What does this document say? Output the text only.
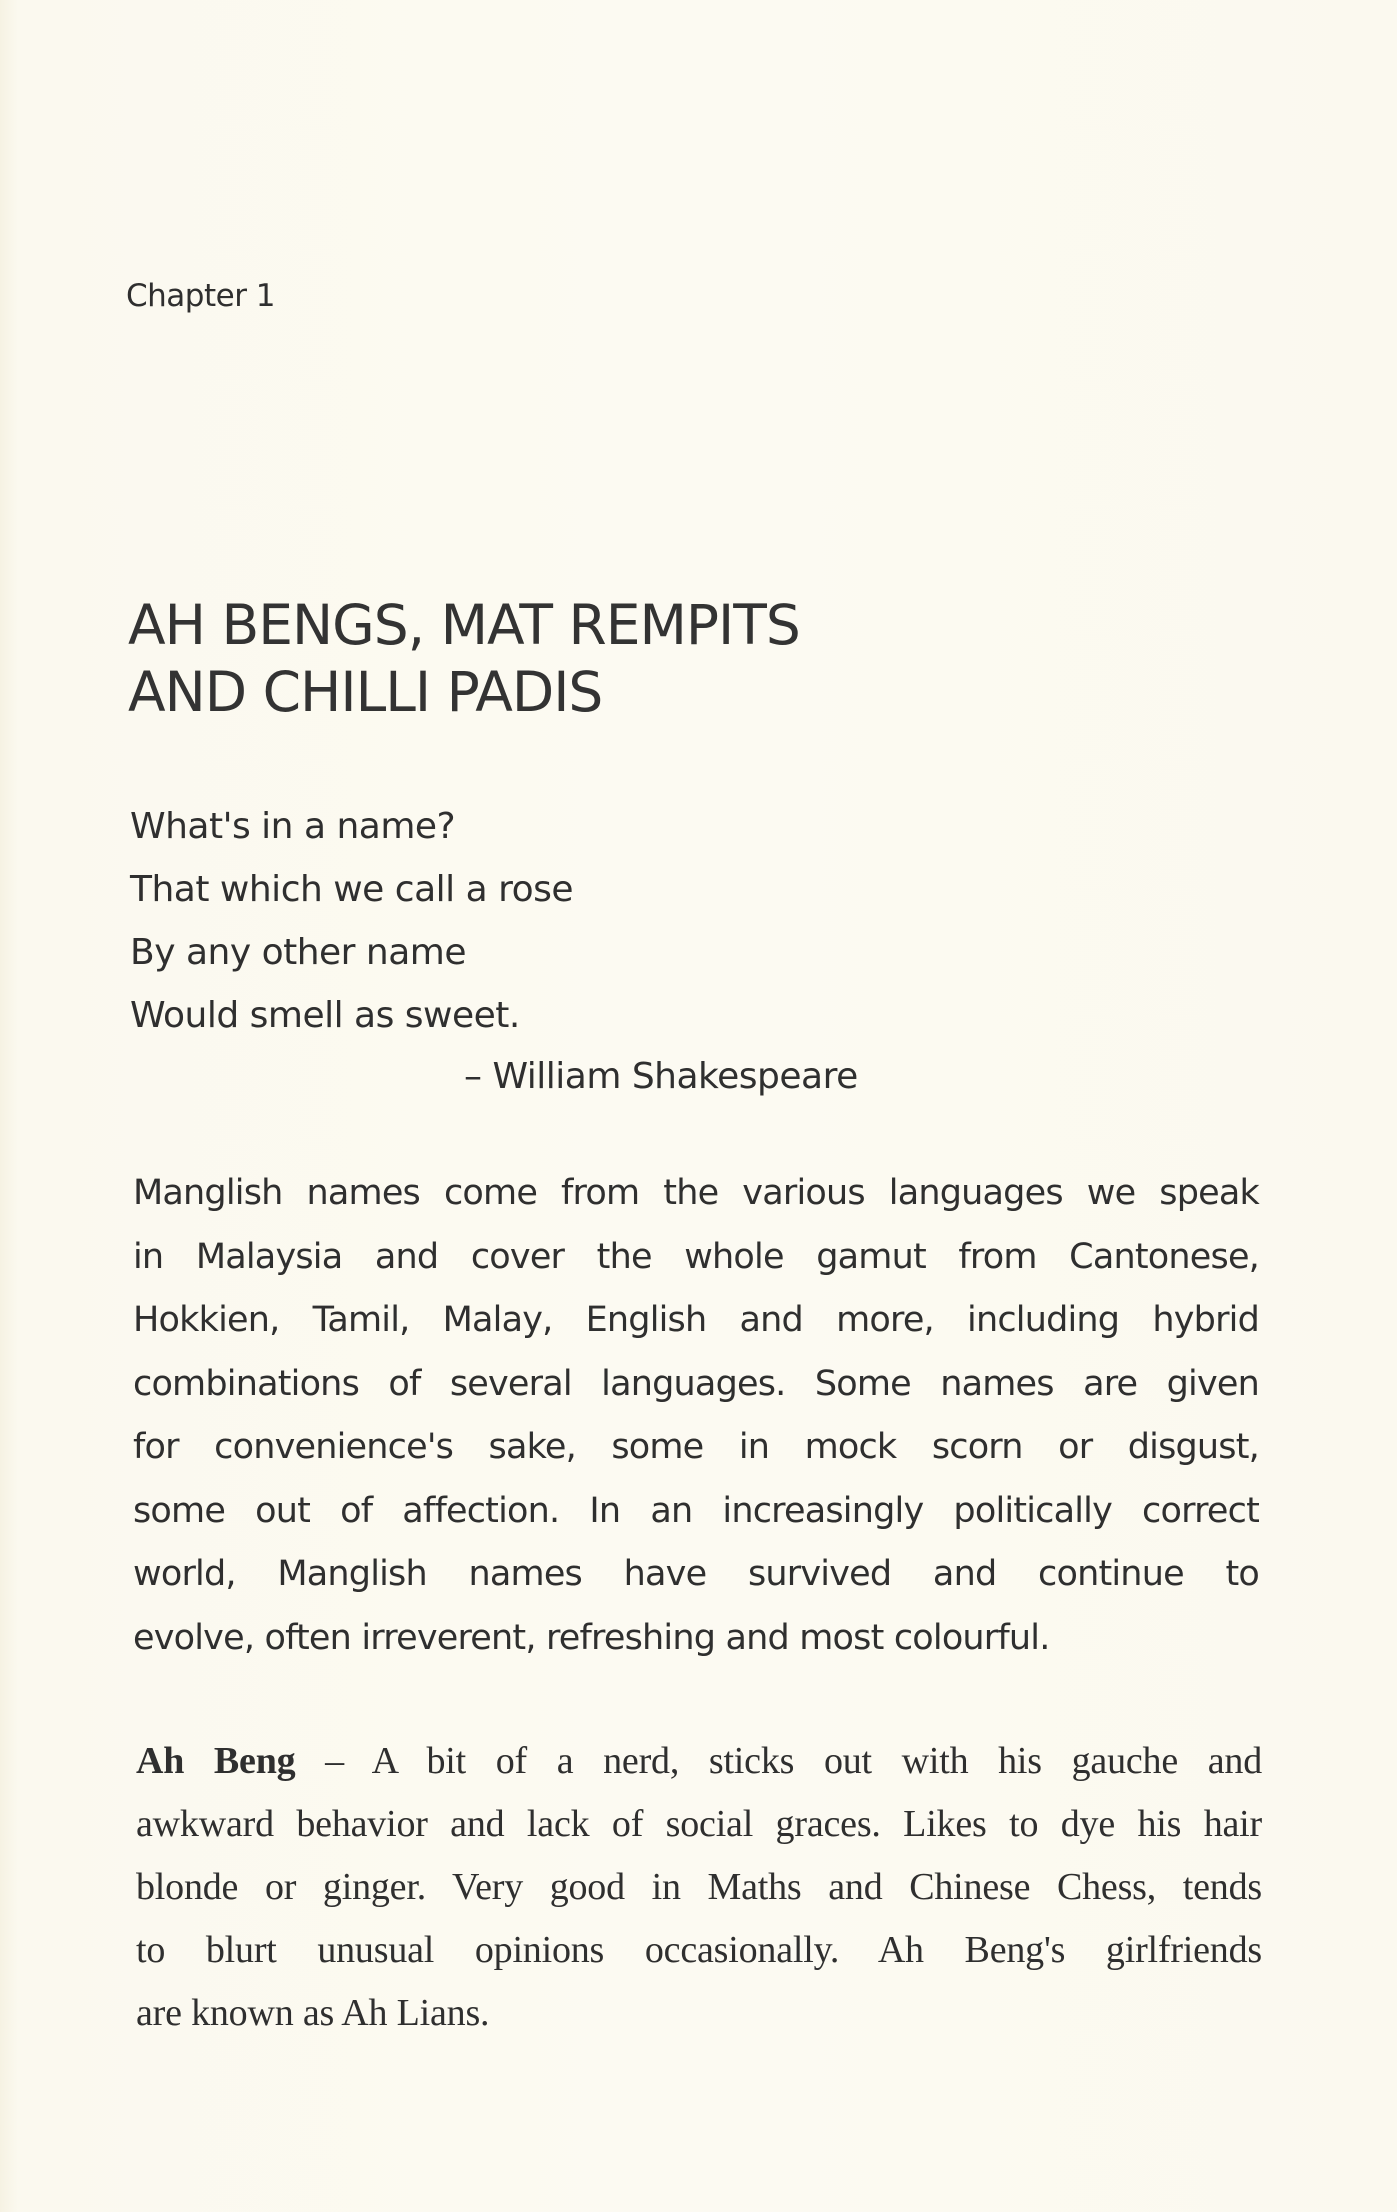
Chapter 1
AH BENGS, MAT REMPITS
AND CHILLI PADIS
What's in a name?
That which we call a rose
By any other name
Would smell as sweet.
– William Shakespeare
Manglish names come from the various languages we speak
in Malaysia and cover the whole gamut from Cantonese,
Hokkien, Tamil, Malay, English and more, including hybrid
combinations of several languages. Some names are given
for convenience's sake, some in mock scorn or disgust,
some out of affection. In an increasingly politically correct
world, Manglish names have survived and continue to
evolve, often irreverent, refreshing and most colourful.
Ah Beng – A bit of a nerd, sticks out with his gauche and
awkward behavior and lack of social graces. Likes to dye his hair
blonde or ginger. Very good in Maths and Chinese Chess, tends
to blurt unusual opinions occasionally. Ah Beng's girlfriends
are known as Ah Lians.
